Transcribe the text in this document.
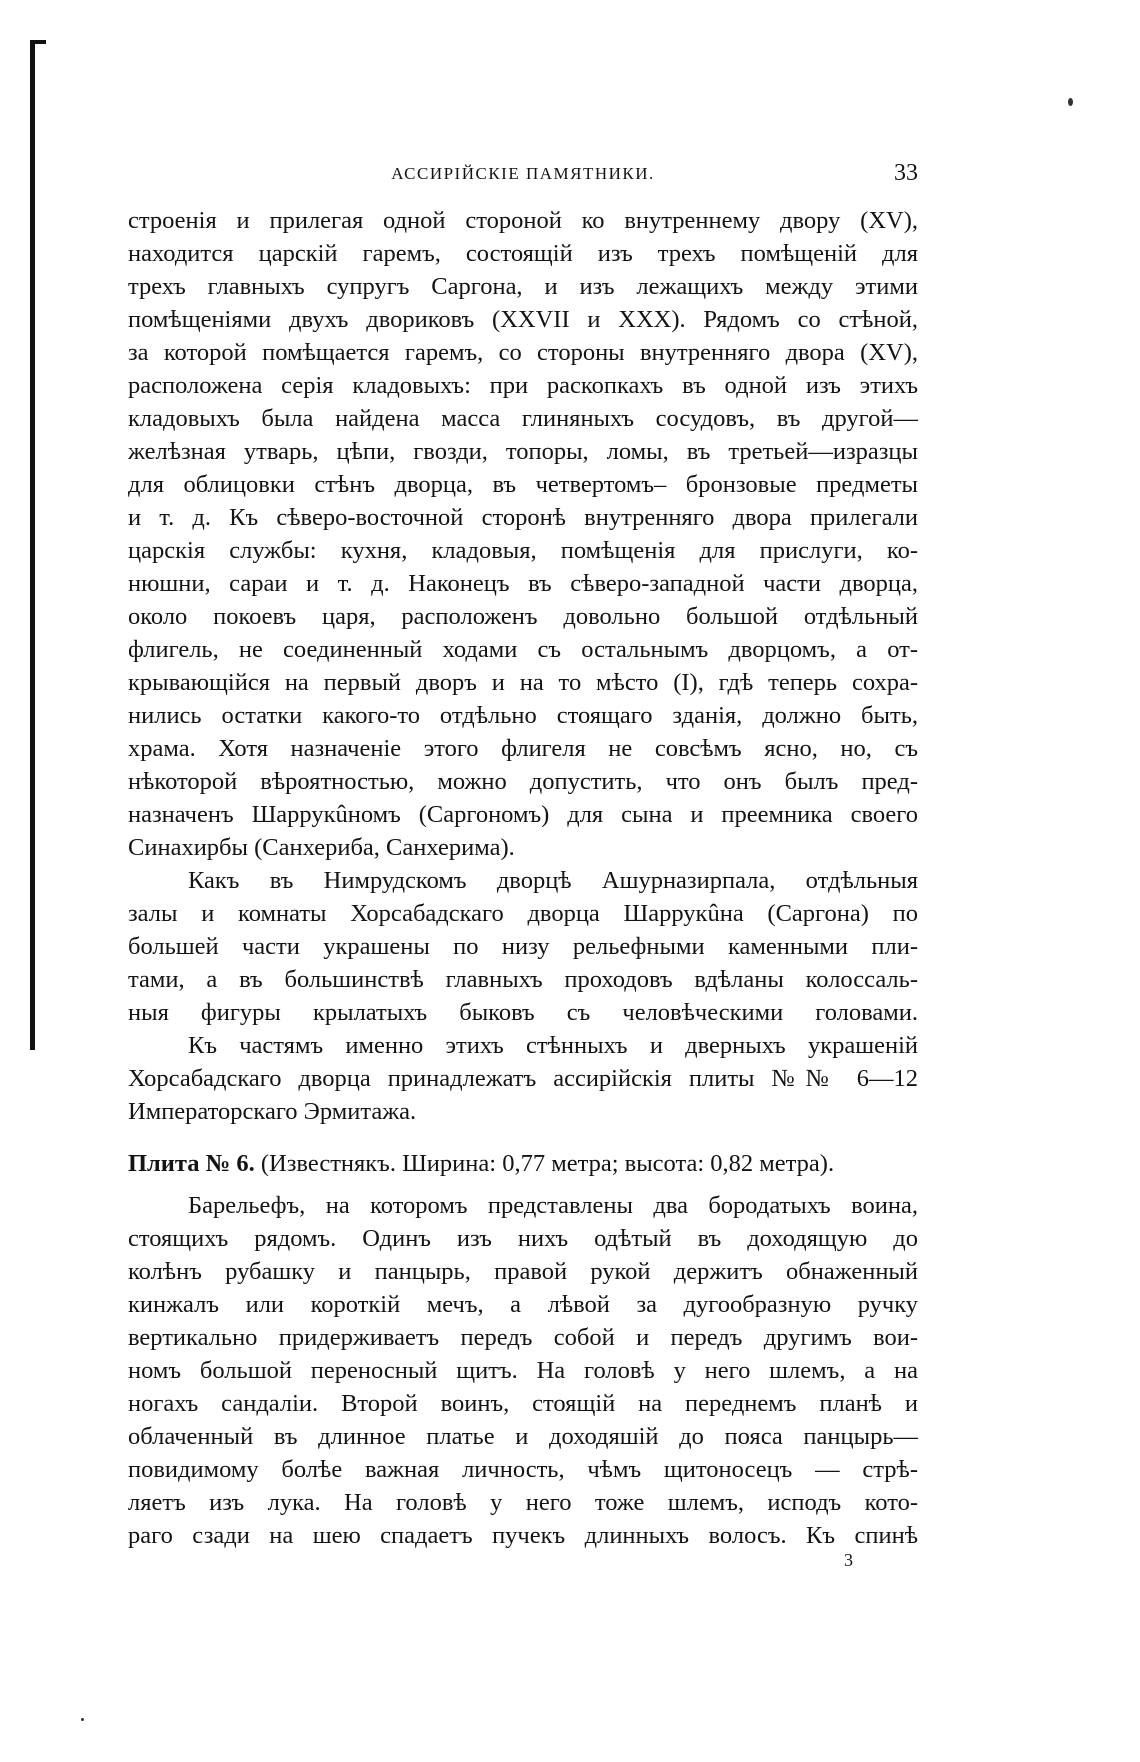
АССИРІЙСКІЕ ПАМЯТНИКИ.	33
строенія и прилегая одной стороной ко внутреннему двору (XV),
находится царскій гаремъ, состоящій изъ трехъ помѣщеній для
трехъ главныхъ супругъ Саргона, и изъ лежащихъ между этими
помѣщеніями двухъ двориковъ (XXVII и XXX). Рядомъ со стѣной,
за которой помѣщается гаремъ, со стороны внутренняго двора (XV),
расположена серія кладовыхъ: при раскопкахъ въ одной изъ этихъ
кладовыхъ была найдена масса глиняныхъ сосудовъ, въ другой—
желѣзная утварь, цѣпи, гвозди, топоры, ломы, въ третьей—изразцы
для облицовки стѣнъ дворца, въ четвертомъ– бронзовые предметы
и т. д. Къ сѣверо-восточной сторонѣ внутренняго двора прилегали
царскія службы: кухня, кладовыя, помѣщенія для прислуги, ко-
нюшни, сараи и т. д. Наконецъ въ сѣверо-западной части дворца,
около покоевъ царя, расположенъ довольно большой отдѣльный
флигель, не соединенный ходами съ остальнымъ дворцомъ, а от-
крывающійся на первый дворъ и на то мѣсто (I), гдѣ теперь сохра-
нились остатки какого-то отдѣльно стоящаго зданія, должно быть,
храма. Хотя назначеніе этого флигеля не совсѣмъ ясно, но, съ
нѣкоторой вѣроятностью, можно допустить, что онъ былъ пред-
назначенъ Шаррукûномъ (Саргономъ) для сына и преемника своего
Синахирбы (Санхериба, Санхерима).
Какъ въ Нимрудскомъ дворцѣ Ашурназирпала, отдѣльныя
залы и комнаты Хорсабадскаго дворца Шаррукûна (Саргона) по
большей части украшены по низу рельефными каменными пли-
тами, а въ большинствѣ главныхъ проходовъ вдѣланы колоссаль-
ныя фигуры крылатыхъ быковъ съ человѣческими головами.
Къ частямъ именно этихъ стѣнныхъ и дверныхъ украшеній
Хорсабадскаго дворца принадлежатъ ассирійскія плиты №№ 6—12
Императорскаго Эрмитажа.
Плита № 6. (Известнякъ. Ширина: 0,77 метра; высота: 0,82 метра).
Барельефъ, на которомъ представлены два бородатыхъ воина,
стоящихъ рядомъ. Одинъ изъ нихъ одѣтый въ доходящую до
колѣнъ рубашку и панцырь, правой рукой держитъ обнаженный
кинжалъ или короткій мечъ, а лѣвой за дугообразную ручку
вертикально придерживаетъ передъ собой и передъ другимъ вои-
номъ большой переносный щитъ. На головѣ у него шлемъ, а на
ногахъ сандаліи. Второй воинъ, стоящій на переднемъ планѣ и
облаченный въ длинное платье и доходяшій до пояса панцырь—
повидимому болѣе важная личность, чѣмъ щитоносецъ — стрѣ-
ляетъ изъ лука. На головѣ у него тоже шлемъ, исподъ кото-
раго сзади на шею спадаетъ пучекъ длинныхъ волосъ. Къ спинѣ
3
